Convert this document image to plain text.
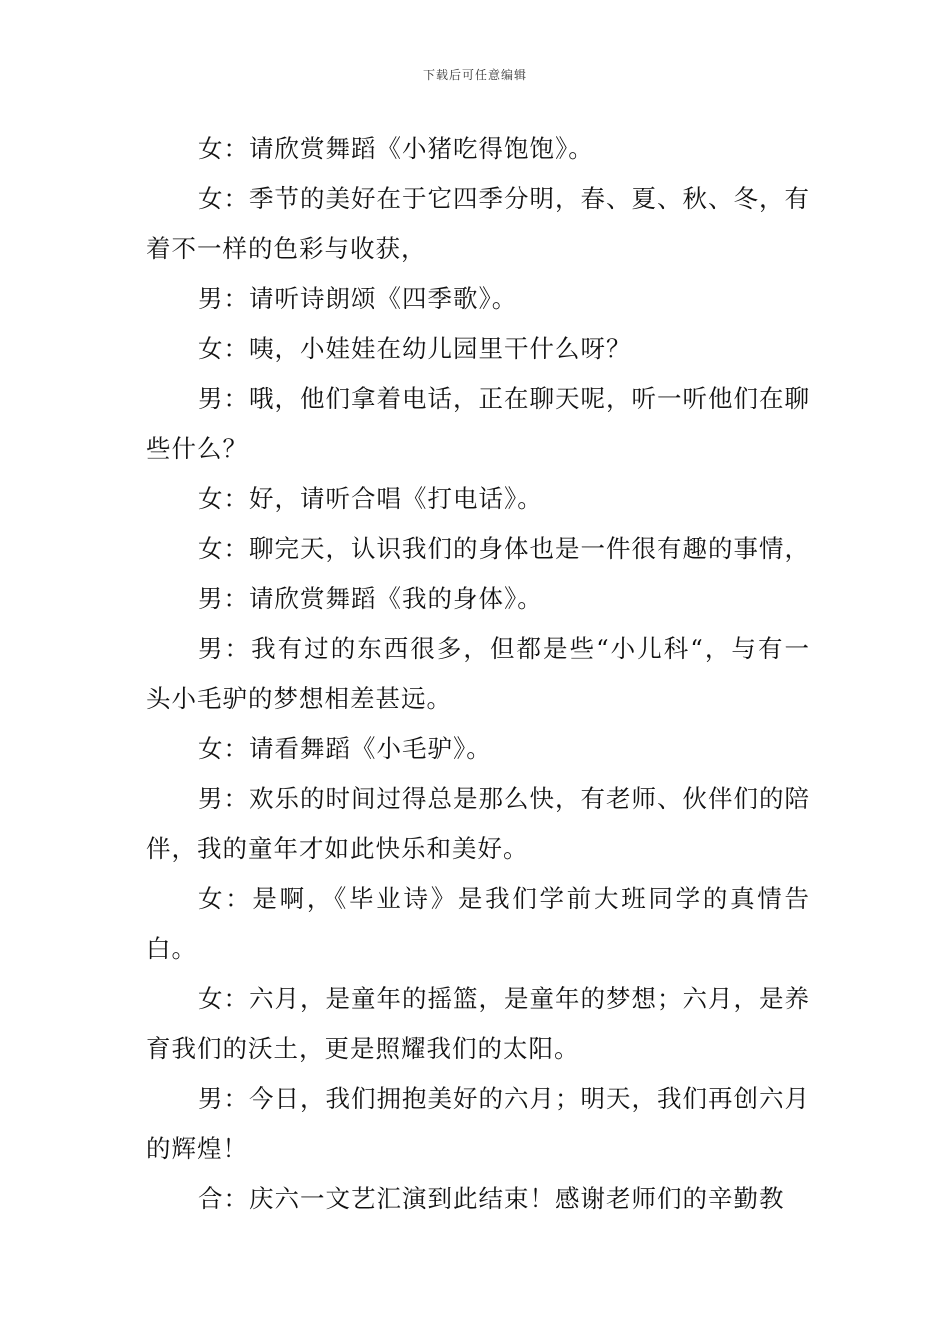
下载后可任意编辑

女：请欣赏舞蹈《小猪吃得饱饱》。

女：季节的美好在于它四季分明，春、夏、秋、冬，有着不一样的色彩与收获，

男：请听诗朗颂《四季歌》。

女：咦，小娃娃在幼儿园里干什么呀？

男：哦，他们拿着电话，正在聊天呢，听一听他们在聊些什么？

女：好，请听合唱《打电话》。

女：聊完天，认识我们的身体也是一件很有趣的事情，

男：请欣赏舞蹈《我的身体》。

男：我有过的东西很多，但都是些“小儿科“，与有一头小毛驴的梦想相差甚远。

女：请看舞蹈《小毛驴》。

男：欢乐的时间过得总是那么快，有老师、伙伴们的陪伴，我的童年才如此快乐和美好。

女：是啊，《毕业诗》是我们学前大班同学的真情告白。

女：六月，是童年的摇篮，是童年的梦想；六月，是养育我们的沃土，更是照耀我们的太阳。

男：今日，我们拥抱美好的六月；明天，我们再创六月的辉煌！

合：庆六一文艺汇演到此结束！感谢老师们的辛勤教
